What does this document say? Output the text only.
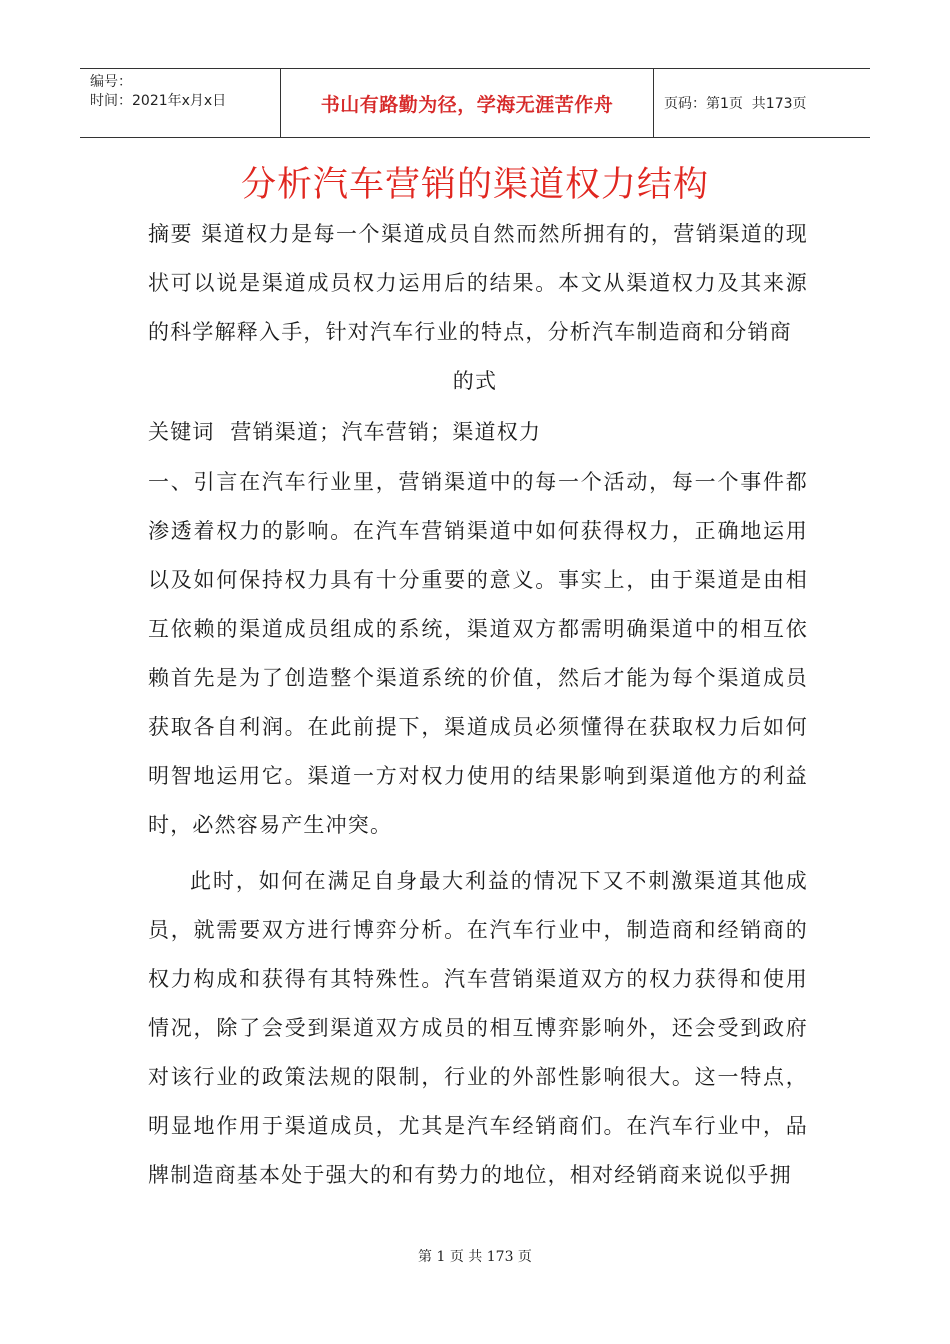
编号：
时间：2021年x月x日	书山有路勤为径，学海无涯苦作舟	页码：第1页  共173页
分析汽车营销的渠道权力结构
摘要 渠道权力是每一个渠道成员自然而然所拥有的，营销渠道的现状可以说是渠道成员权力运用后的结果。本文从渠道权力及其来源的科学解释入手，针对汽车行业的特点，分析汽车制造商和分销商
的式
关键词  营销渠道；汽车营销；渠道权力
一、引言在汽车行业里，营销渠道中的每一个活动，每一个事件都渗透着权力的影响。在汽车营销渠道中如何获得权力，正确地运用以及如何保持权力具有十分重要的意义。事实上，由于渠道是由相互依赖的渠道成员组成的系统，渠道双方都需明确渠道中的相互依赖首先是为了创造整个渠道系统的价值，然后才能为每个渠道成员获取各自利润。在此前提下，渠道成员必须懂得在获取权力后如何明智地运用它。渠道一方对权力使用的结果影响到渠道他方的利益时，必然容易产生冲突。
此时，如何在满足自身最大利益的情况下又不刺激渠道其他成员，就需要双方进行博弈分析。在汽车行业中，制造商和经销商的权力构成和获得有其特殊性。汽车营销渠道双方的权力获得和使用情况，除了会受到渠道双方成员的相互博弈影响外，还会受到政府对该行业的政策法规的限制，行业的外部性影响很大。这一特点，明显地作用于渠道成员，尤其是汽车经销商们。在汽车行业中，品牌制造商基本处于强大的和有势力的地位，相对经销商来说似乎拥
第 1 页 共 173 页
